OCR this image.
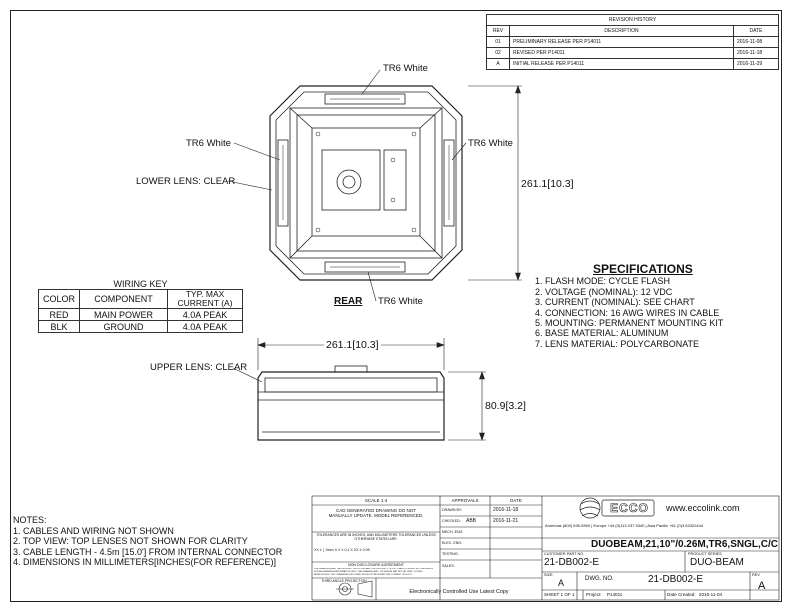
REVISION HISTORY		
REV	DESCRIPTION	DATE
01	PRELIMINARY RELEASE PER P14011	2016-11-08
02	REVISED PER P14011	2016-11-18
A	INITIAL RELEASE PER P14011	2016-11-29
TR6 White
TR6 White	TR6 White
LOWER LENS: CLEAR
REAR TR6 White
UPPER LENS: CLEAR
261.1[10.3]
261.1[10.3]
80.9[3.2]
WIRING KEY		
COLOR	COMPONENT	TYP. MAX CURRENT (A)
RED	MAIN POWER	4.0A PEAK
BLK	GROUND	4.0A PEAK
SPECIFICATIONS
1. FLASH MODE: CYCLE FLASH
2. VOLTAGE (NOMINAL): 12 VDC
3. CURRENT (NOMINAL): SEE CHART
4. CONNECTION: 16 AWG WIRES IN CABLE
5. MOUNTING: PERMANENT MOUNTING KIT
6. BASE MATERIAL: ALUMINUM
7. LENS MATERIAL: POLYCARBONATE
NOTES:
1. CABLES AND WIRING NOT SHOWN
2. TOP VIEW: TOP LENSES NOT SHOWN FOR CLARITY
3. CABLE LENGTH - 4.5m [15.0'] FROM INTERNAL CONNECTOR
4. DIMENSIONS IN MILLIMETERS[INCHES(FOR REFERENCE)]
SCALE 1:4
CAD GENERATED DRAWING DO NOT MANUALLY UPDATE. MODEL REFERENCED.
TOLERANCES ARE IN INCHES, AND MILLIMETERS TOLERANCES UNLESS OTHERWISE STATED ARE:
XX ± | .0mm X.X ± 0.1 X.XX ± 0.05
NON DISCLOSURE AGREEMENT
THE DRAWINGS AND THE DESIGN IT DISCLOSES ARE THE PROPERTY OF ECCO AND IS ISSUED IN CONFIDENCE FOR ENGINEERING/INFORMATION ONLY. THE DRAWING AND / OR DESIGN MAY NOT BE USED, COPIED, REPRODUCED, OR OTHERWISE DISCLOSED WITHOUT PRIOR WRITTEN CONSENT OF ECCO.
THIRD ANGLE PROJECTION
APPROVALS	DATE
DRAWN BY:	2016-11-18
CHECKED: ABB	2016-11-21
MECH. ENG.
ELEC. ENG.
TESTING:
SALES:
Electronically Controlled Use Latest Copy
ECCO	www.eccolink.com
Americas (800) 635-5900 | Europe +44 (0)113 237 5340 | Asia Pacific +61 (0)3 63322444
DUOBEAM,21,10"/0.26M,TR6,SNGL,C/C
CUSTOMER PART NO.
21-DB002-E
PRODUCT SERIES
DUO-BEAM
SIZE:
A	DWG. NO.	21-DB002-E	REV.
A
SHEET 1 OF 1 Project: P14011	Date Created: 2016-11-04
